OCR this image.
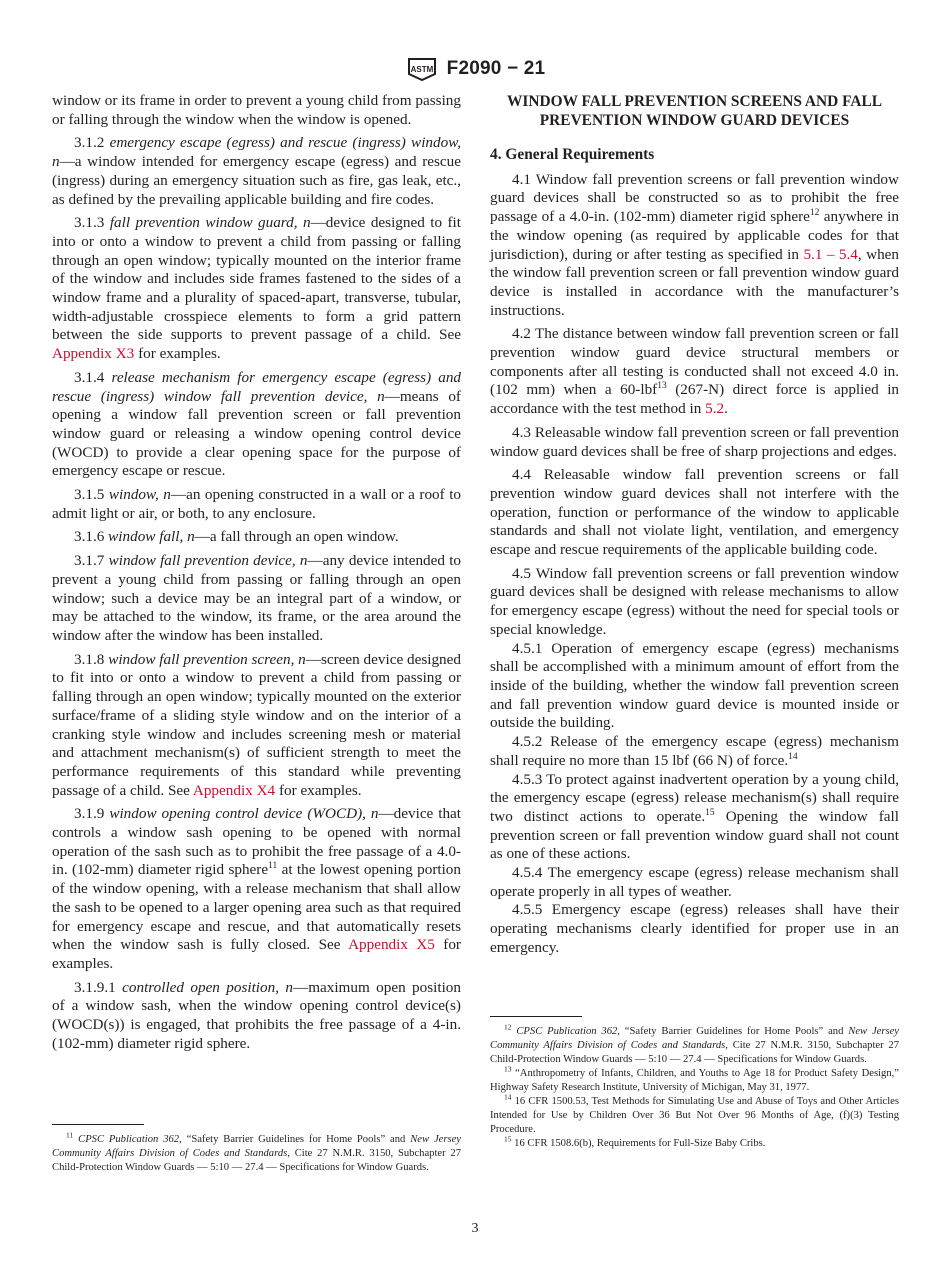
ASTM F2090 − 21

window or its frame in order to prevent a young child from passing or falling through the window when the window is opened.

3.1.2 emergency escape (egress) and rescue (ingress) window, n—a window intended for emergency escape (egress) and rescue (ingress) during an emergency situation such as fire, gas leak, etc., as defined by the prevailing applicable building and fire codes.

3.1.3 fall prevention window guard, n—device designed to fit into or onto a window to prevent a child from passing or falling through an open window; typically mounted on the interior frame of the window and includes side frames fastened to the sides of a window frame and a plurality of spaced-apart, transverse, tubular, width-adjustable crosspiece elements to form a grid pattern between the side supports to prevent passage of a child. See Appendix X3 for examples.

3.1.4 release mechanism for emergency escape (egress) and rescue (ingress) window fall prevention device, n—means of opening a window fall prevention screen or fall prevention window guard or releasing a window opening control device (WOCD) to provide a clear opening space for the purpose of emergency escape or rescue.

3.1.5 window, n—an opening constructed in a wall or a roof to admit light or air, or both, to any enclosure.

3.1.6 window fall, n—a fall through an open window.

3.1.7 window fall prevention device, n—any device intended to prevent a young child from passing or falling through an open window; such a device may be an integral part of a window, or may be attached to the window, its frame, or the area around the window after the window has been installed.

3.1.8 window fall prevention screen, n—screen device designed to fit into or onto a window to prevent a child from passing or falling through an open window; typically mounted on the exterior surface/frame of a sliding style window and on the interior of a cranking style window and includes screening mesh or material and attachment mechanism(s) of sufficient strength to meet the performance requirements of this standard while preventing passage of a child. See Appendix X4 for examples.

3.1.9 window opening control device (WOCD), n—device that controls a window sash opening to be opened with normal operation of the sash such as to prohibit the free passage of a 4.0-in. (102-mm) diameter rigid sphere$^{11}$ at the lowest opening portion of the window opening, with a release mechanism that shall allow the sash to be opened to a larger opening area such as that required for emergency escape and rescue, and that automatically resets when the window sash is fully closed. See Appendix X5 for examples.

3.1.9.1 controlled open position, n—maximum open position of a window sash, when the window opening control device(s) (WOCD(s)) is engaged, that prohibits the free passage of a 4-in. (102-mm) diameter rigid sphere.

WINDOW FALL PREVENTION SCREENS AND FALL PREVENTION WINDOW GUARD DEVICES
4. General Requirements

4.1 Window fall prevention screens or fall prevention window guard devices shall be constructed so as to prohibit the free passage of a 4.0-in. (102-mm) diameter rigid sphere$^{12}$ anywhere in the window opening (as required by applicable codes for that jurisdiction), during or after testing as specified in 5.1 – 5.4, when the window fall prevention screen or fall prevention window guard device is installed in accordance with the manufacturer’s instructions.

4.2 The distance between window fall prevention screen or fall prevention window guard device structural members or components after all testing is conducted shall not exceed 4.0 in. (102 mm) when a 60-lbf$^{13}$ (267-N) direct force is applied in accordance with the test method in 5.2.

4.3 Releasable window fall prevention screen or fall prevention window guard devices shall be free of sharp projections and edges.

4.4 Releasable window fall prevention screens or fall prevention window guard devices shall not interfere with the operation, function or performance of the window to applicable standards and shall not violate light, ventilation, and emergency escape and rescue requirements of the applicable building code.

4.5 Window fall prevention screens or fall prevention window guard devices shall be designed with release mechanisms to allow for emergency escape (egress) without the need for special tools or special knowledge.

4.5.1 Operation of emergency escape (egress) mechanisms shall be accomplished with a minimum amount of effort from the inside of the building, whether the window fall prevention screen and fall prevention window guard device is mounted inside or outside the building.

4.5.2 Release of the emergency escape (egress) mechanism shall require no more than 15 lbf (66 N) of force.$^{14}$

4.5.3 To protect against inadvertent operation by a young child, the emergency escape (egress) release mechanism(s) shall require two distinct actions to operate.$^{15}$ Opening the window fall prevention screen or fall prevention window guard shall not count as one of these actions.

4.5.4 The emergency escape (egress) release mechanism shall operate properly in all types of weather.

4.5.5 Emergency escape (egress) releases shall have their operating mechanisms clearly identified for proper use in an emergency.

$^{11}$ CPSC Publication 362, “Safety Barrier Guidelines for Home Pools” and New Jersey Community Affairs Division of Codes and Standards, Cite 27 N.M.R. 3150, Subchapter 27 Child-Protection Window Guards — 5:10 — 27.4 — Specifications for Window Guards.

$^{12}$ CPSC Publication 362, “Safety Barrier Guidelines for Home Pools” and New Jersey Community Affairs Division of Codes and Standards, Cite 27 N.M.R. 3150, Subchapter 27 Child-Protection Window Guards — 5:10 — 27.4 — Specifications for Window Guards.

$^{13}$ “Anthropometry of Infants, Children, and Youths to Age 18 for Product Safety Design,” Highway Safety Research Institute, University of Michigan, May 31, 1977.

$^{14}$ 16 CFR 1500.53, Test Methods for Simulating Use and Abuse of Toys and Other Articles Intended for Use by Children Over 36 But Not Over 96 Months of Age, (f)(3) Testing Procedure.

$^{15}$ 16 CFR 1508.6(b), Requirements for Full-Size Baby Cribs.

3
